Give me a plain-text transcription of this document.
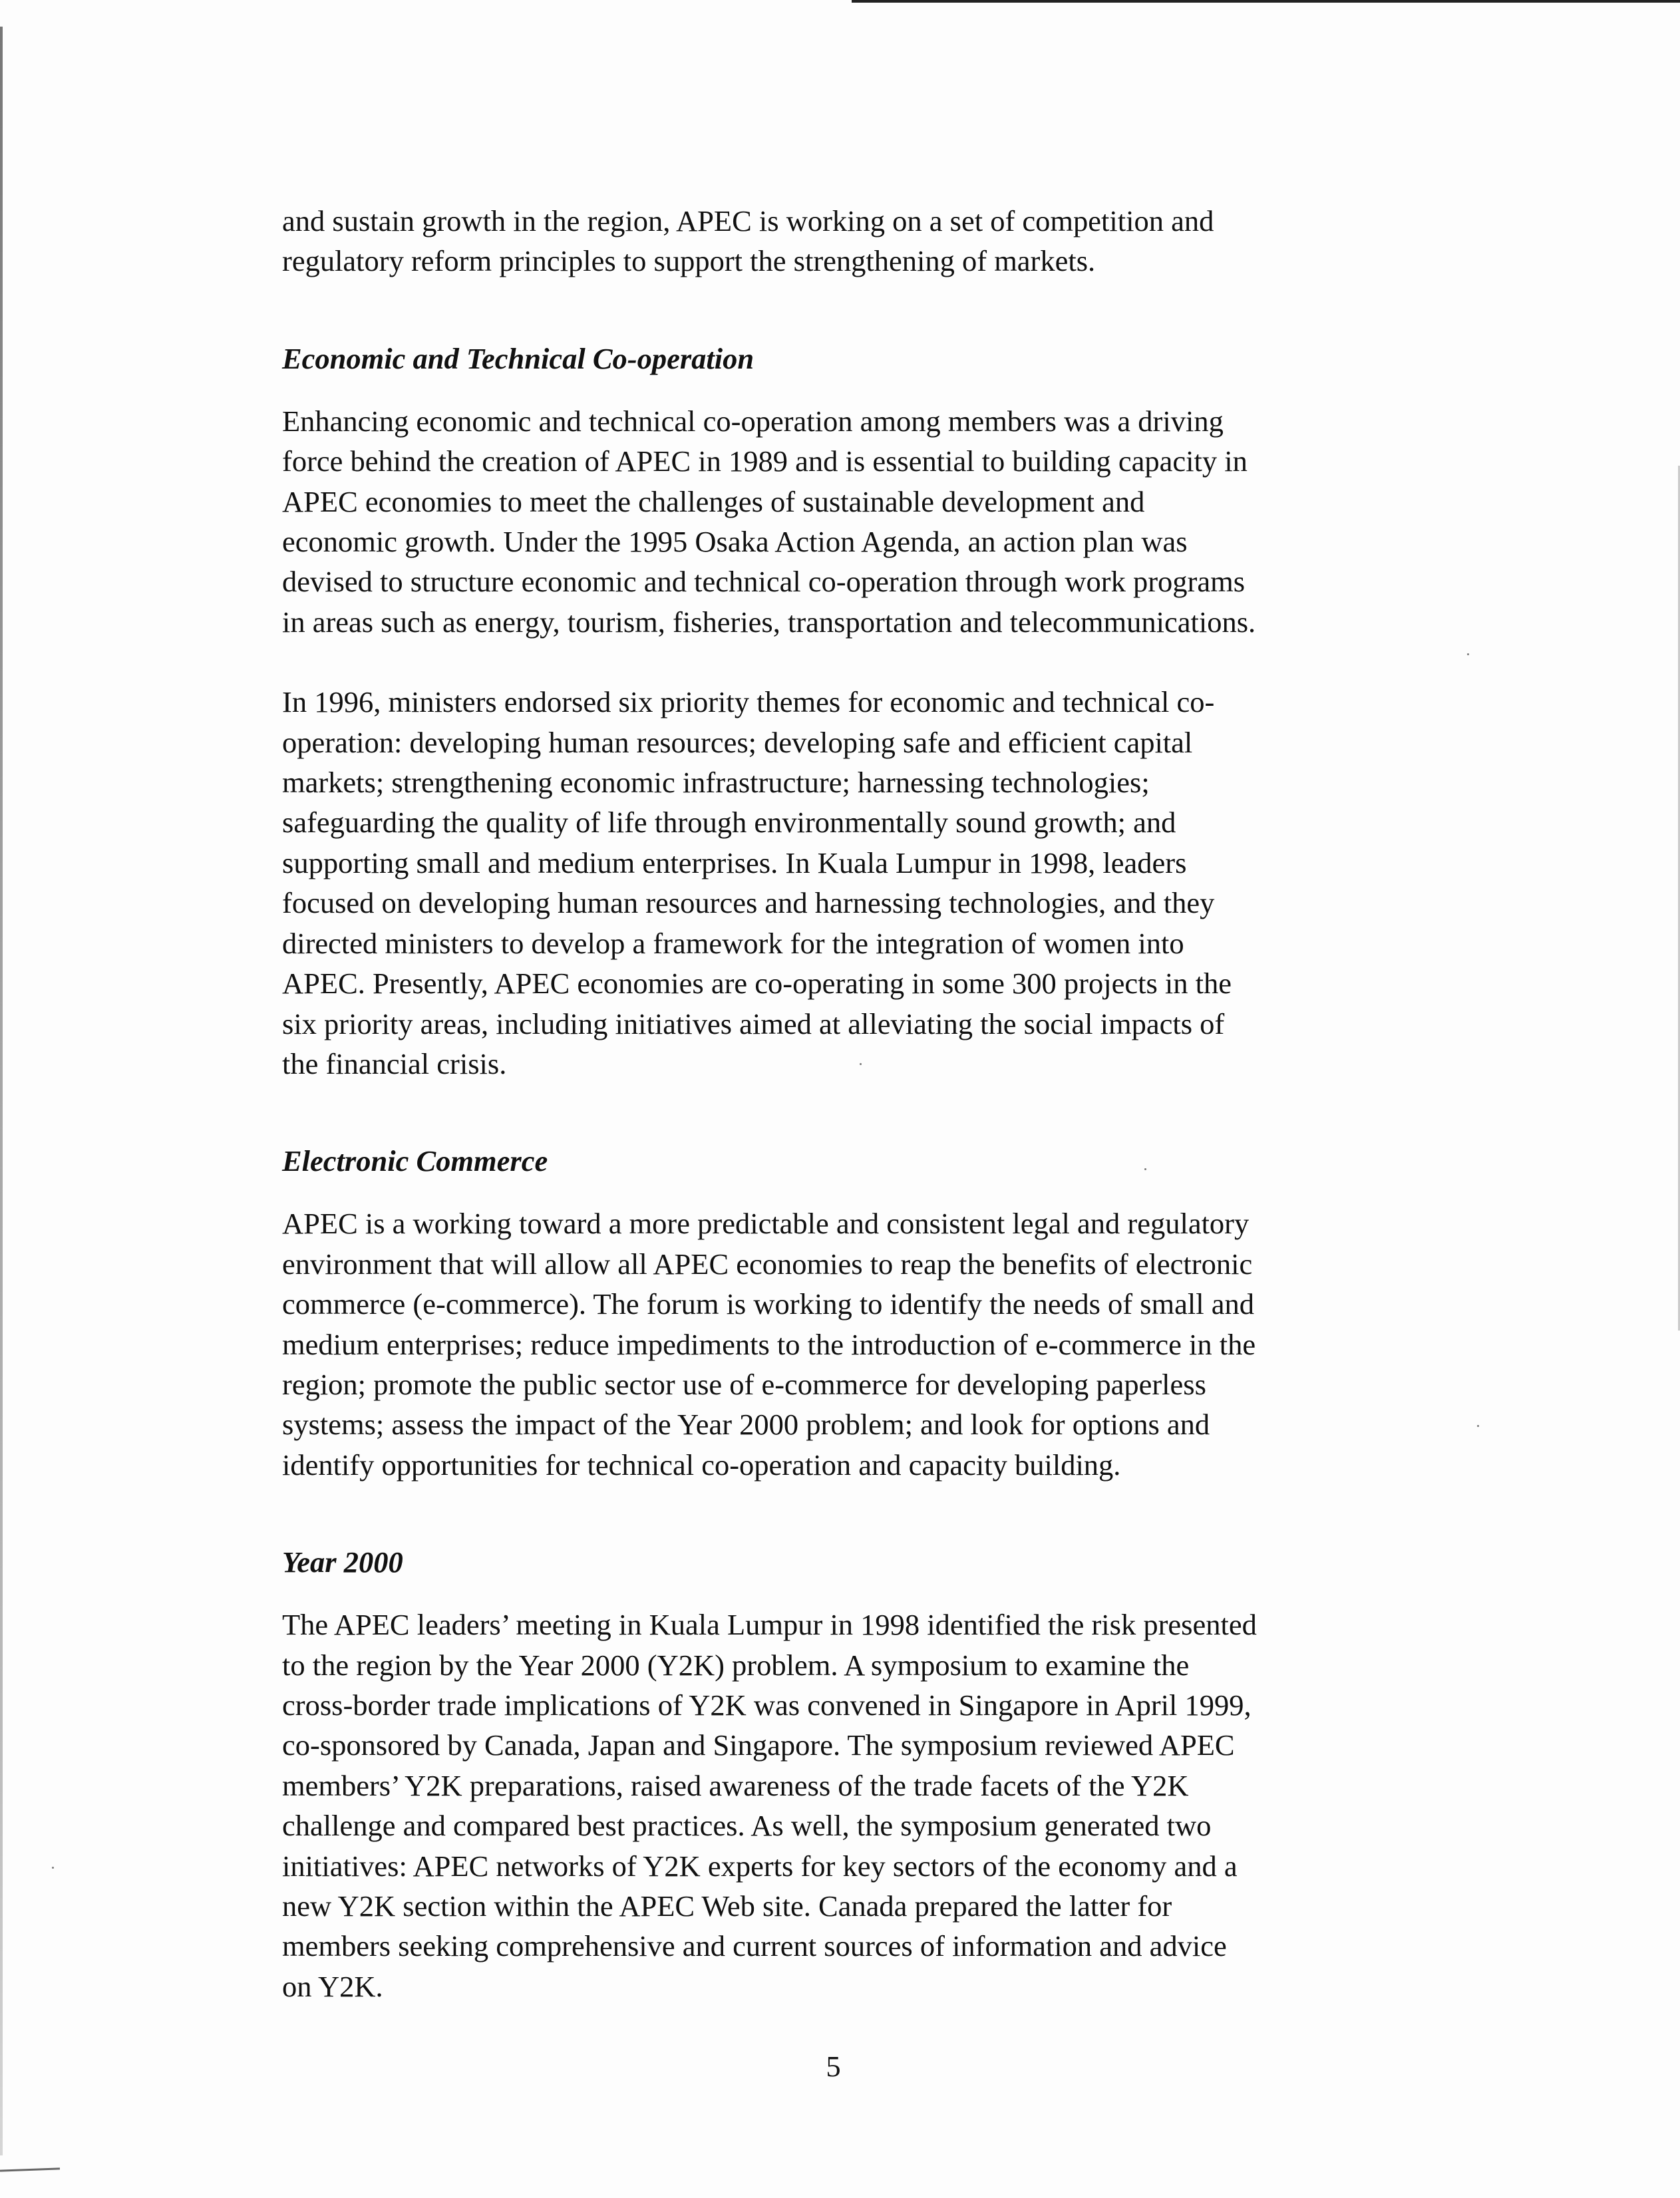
and sustain growth in the region, APEC is working on a set of competition and
regulatory reform principles to support the strengthening of markets.

Economic and Technical Co-operation

Enhancing economic and technical co-operation among members was a driving
force behind the creation of APEC in 1989 and is essential to building capacity in
APEC economies to meet the challenges of sustainable development and
economic growth. Under the 1995 Osaka Action Agenda, an action plan was
devised to structure economic and technical co-operation through work programs
in areas such as energy, tourism, fisheries, transportation and telecommunications.

In 1996, ministers endorsed six priority themes for economic and technical co-
operation: developing human resources; developing safe and efficient capital
markets; strengthening economic infrastructure; harnessing technologies;
safeguarding the quality of life through environmentally sound growth; and
supporting small and medium enterprises. In Kuala Lumpur in 1998, leaders
focused on developing human resources and harnessing technologies, and they
directed ministers to develop a framework for the integration of women into
APEC. Presently, APEC economies are co-operating in some 300 projects in the
six priority areas, including initiatives aimed at alleviating the social impacts of
the financial crisis.

Electronic Commerce

APEC is a working toward a more predictable and consistent legal and regulatory
environment that will allow all APEC economies to reap the benefits of electronic
commerce (e-commerce). The forum is working to identify the needs of small and
medium enterprises; reduce impediments to the introduction of e-commerce in the
region; promote the public sector use of e-commerce for developing paperless
systems; assess the impact of the Year 2000 problem; and look for options and
identify opportunities for technical co-operation and capacity building.

Year 2000

The APEC leaders’ meeting in Kuala Lumpur in 1998 identified the risk presented
to the region by the Year 2000 (Y2K) problem. A symposium to examine the
cross-border trade implications of Y2K was convened in Singapore in April 1999,
co-sponsored by Canada, Japan and Singapore. The symposium reviewed APEC
members’ Y2K preparations, raised awareness of the trade facets of the Y2K
challenge and compared best practices. As well, the symposium generated two
initiatives: APEC networks of Y2K experts for key sectors of the economy and a
new Y2K section within the APEC Web site. Canada prepared the latter for
members seeking comprehensive and current sources of information and advice
on Y2K.

5
